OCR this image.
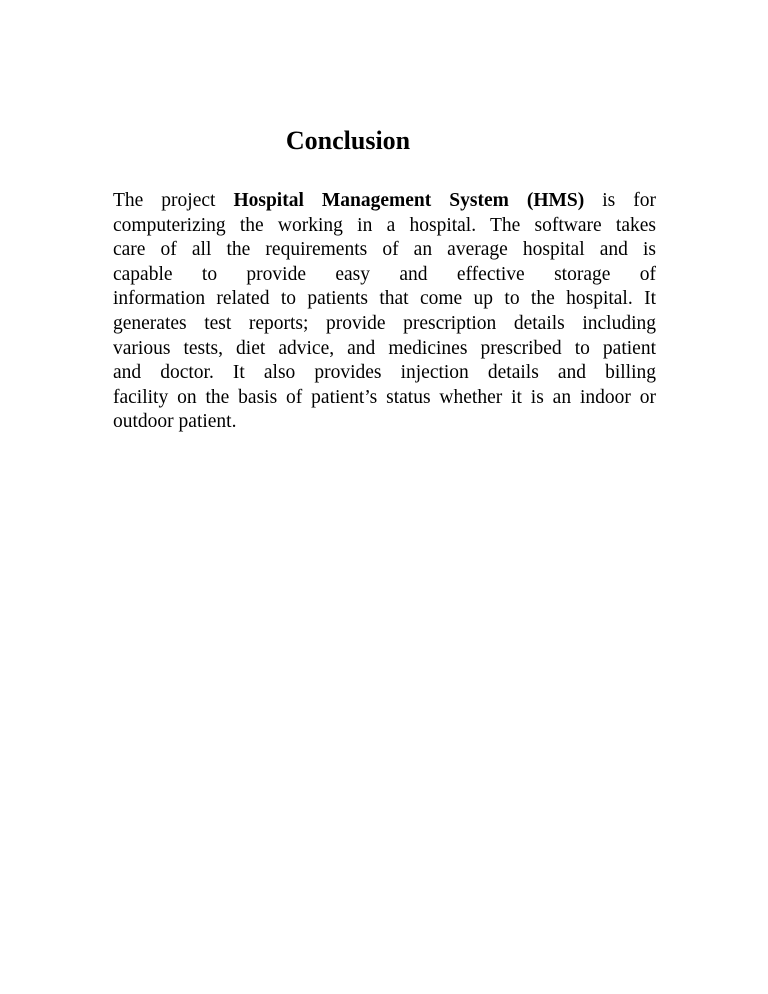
Conclusion
The project Hospital Management System (HMS) is for
computerizing the working in a hospital. The software takes
care of all the requirements of an average hospital and is
capable to provide easy and effective storage of
information related to patients that come up to the hospital. It
generates test reports; provide prescription details including
various tests, diet advice, and medicines prescribed to patient
and doctor. It also provides injection details and billing
facility on the basis of patient’s status whether it is an indoor or
outdoor patient.
